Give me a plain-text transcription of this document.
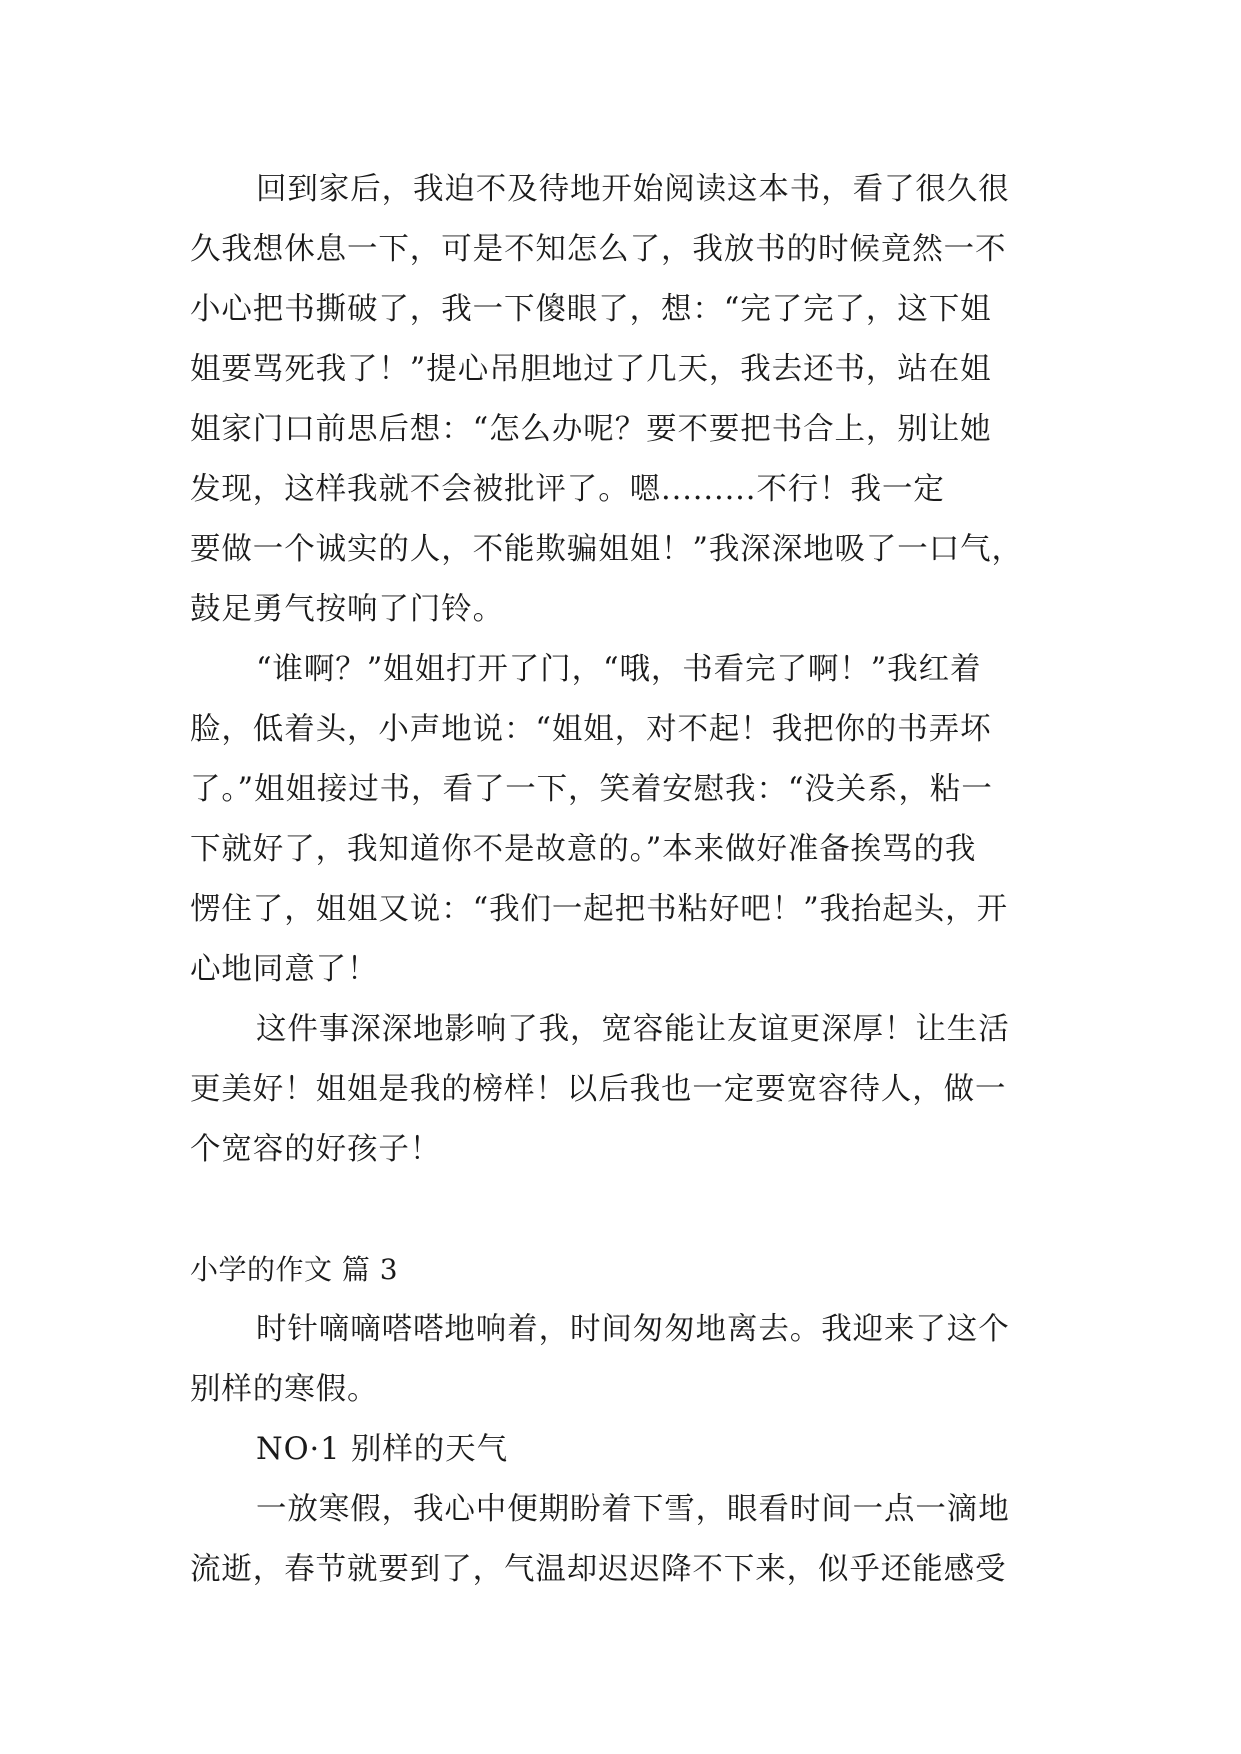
回到家后，我迫不及待地开始阅读这本书，看了很久很
久我想休息一下，可是不知怎么了，我放书的时候竟然一不
小心把书撕破了，我一下傻眼了，想：“完了完了，这下姐
姐要骂死我了！”提心吊胆地过了几天，我去还书，站在姐
姐家门口前思后想：“怎么办呢？要不要把书合上，别让她
发现，这样我就不会被批评了。嗯.........不行！我一定
要做一个诚实的人，不能欺骗姐姐！”我深深地吸了一口气，
鼓足勇气按响了门铃。
“谁啊？”姐姐打开了门，“哦，书看完了啊！”我红着
脸，低着头，小声地说：“姐姐，对不起！我把你的书弄坏
了。”姐姐接过书，看了一下，笑着安慰我：“没关系，粘一
下就好了，我知道你不是故意的。”本来做好准备挨骂的我
愣住了，姐姐又说：“我们一起把书粘好吧！”我抬起头，开
心地同意了！
这件事深深地影响了我，宽容能让友谊更深厚！让生活
更美好！姐姐是我的榜样！以后我也一定要宽容待人，做一
个宽容的好孩子！
小学的作文 篇 3
时针嘀嘀嗒嗒地响着，时间匆匆地离去。我迎来了这个
别样的寒假。
NO·1 别样的天气
一放寒假，我心中便期盼着下雪，眼看时间一点一滴地
流逝，春节就要到了，气温却迟迟降不下来，似乎还能感受
